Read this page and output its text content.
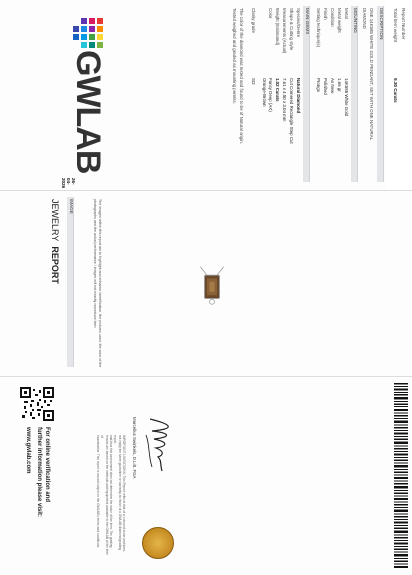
Report Number
Total item weight
9.30 Carats
DESCRIPTION
ONE 14K585 WHITE GOLD PENDANT, SET WITH ONE NATURAL
DIAMOND
MOUNTING
Metal
14K585 White Gold
Metal weight
1.66 gr
Condition
As New
Finish
Polished
Setting technique(s)
Prongs
MAIN GEMS
Species/Genre
Natural Diamond
Shape & Cutting style
Cut Cornered Rectangle Step Cut
Measurements (Actual)
7.61 x 4.50 x 3.04 mm
Weight (Estimated)
1.02 Carats
Color
Fancy Deep (AX)
Orange-Brown
Clarity grade
SI2
The color of the diamond was tested and found to be of Natural origin.
Tested weighed and graded as mounting permits.
GWLAB
26-04-2026
IMAGE
JEWELRY  REPORT	The images within this report are to highlight and enhance identification, the pictures used, the color of the
photographs and the actual performance / images will not exactly reproduce item.
For online verification and
further information please visit:
www.gwlab.com	Marcellus Swinkels, D.Litt. FGA
IMPORTANT LIMITATIONS: This Report reflects that of a coloured stone and does
not imply the same guarantee or warranty as those of a GWLAB diamond grading report
and thus this assessment does not determine the value of the item. The grading
results are based on the methods and equipment available to the GWLAB at the time of
examination. This report is issued subject to the GWLAB's terms and conditions.
